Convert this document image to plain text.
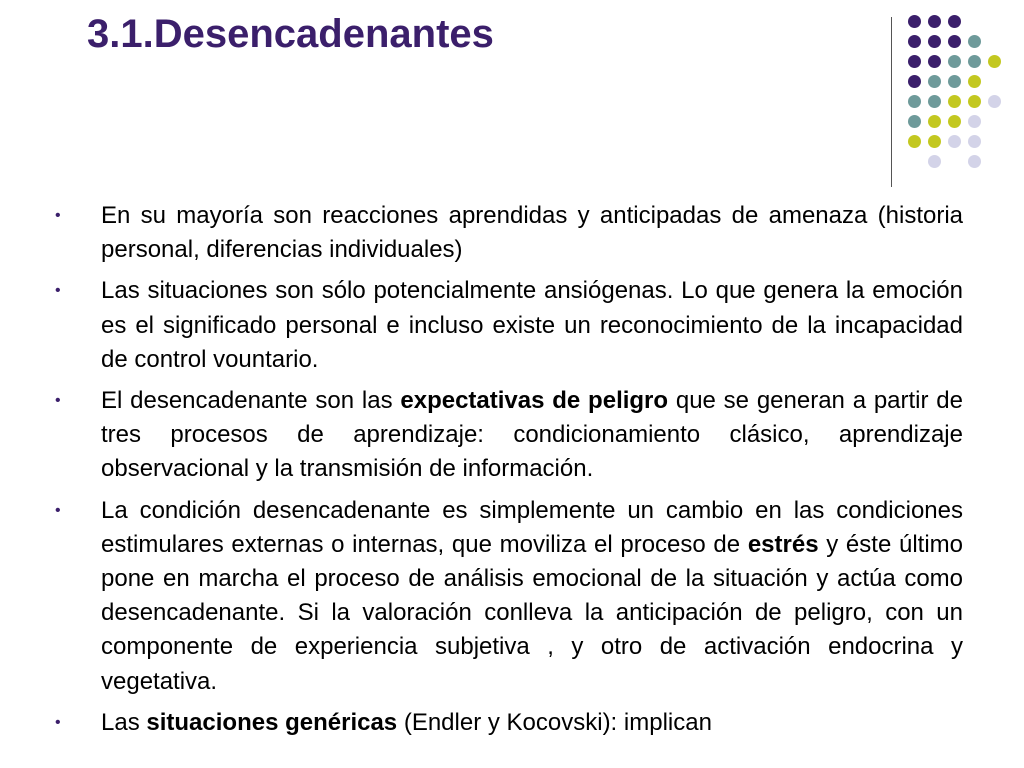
3.1.Desencadenantes
•	En su mayoría son reacciones aprendidas y anticipadas de amenaza (historia personal, diferencias individuales)
•	Las situaciones son sólo potencialmente ansiógenas. Lo que genera la emoción es el significado personal e incluso existe un reconocimiento de la incapacidad de control vountario.
•	El desencadenante son las expectativas de peligro que se generan a partir de tres procesos de aprendizaje: condicionamiento clásico, aprendizaje observacional y la transmisión de información.
•	La condición desencadenante es simplemente un cambio en las condiciones estimulares externas o internas, que moviliza el proceso de estrés y éste último pone en marcha el proceso de análisis emocional de la situación y actúa como desencadenante. Si la valoración conlleva la anticipación de peligro, con un componente de experiencia subjetiva , y otro de activación endocrina y vegetativa.
•	Las situaciones genéricas (Endler y Kocovski): implican
